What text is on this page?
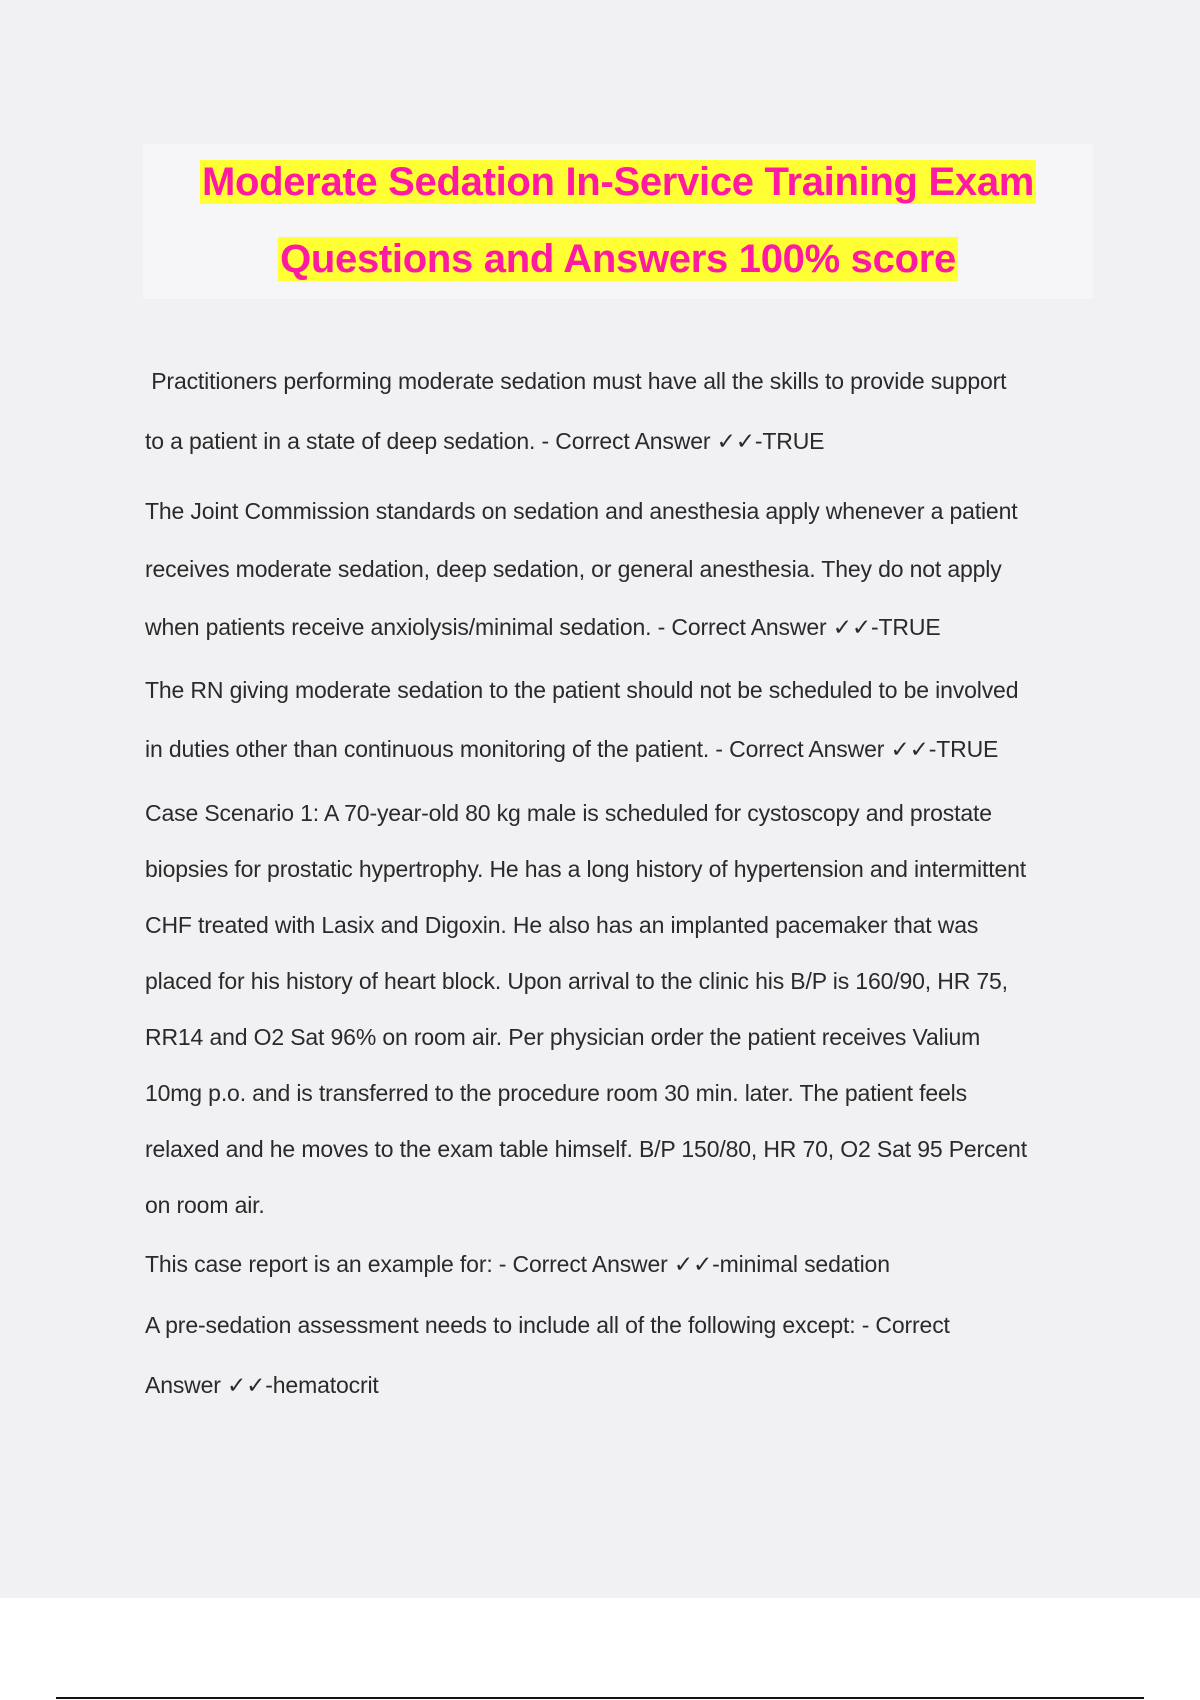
Moderate Sedation In-Service Training Exam
Questions and Answers 100% score

Practitioners performing moderate sedation must have all the skills to provide support
to a patient in a state of deep sedation. - Correct Answer ✓✓-TRUE

The Joint Commission standards on sedation and anesthesia apply whenever a patient
receives moderate sedation, deep sedation, or general anesthesia. They do not apply
when patients receive anxiolysis/minimal sedation. - Correct Answer ✓✓-TRUE

The RN giving moderate sedation to the patient should not be scheduled to be involved
in duties other than continuous monitoring of the patient. - Correct Answer ✓✓-TRUE

Case Scenario 1: A 70-year-old 80 kg male is scheduled for cystoscopy and prostate
biopsies for prostatic hypertrophy. He has a long history of hypertension and intermittent
CHF treated with Lasix and Digoxin. He also has an implanted pacemaker that was
placed for his history of heart block. Upon arrival to the clinic his B/P is 160/90, HR 75,
RR14 and O2 Sat 96% on room air. Per physician order the patient receives Valium
10mg p.o. and is transferred to the procedure room 30 min. later. The patient feels
relaxed and he moves to the exam table himself. B/P 150/80, HR 70, O2 Sat 95 Percent
on room air.

This case report is an example for: - Correct Answer ✓✓-minimal sedation

A pre-sedation assessment needs to include all of the following except: - Correct
Answer ✓✓-hematocrit
